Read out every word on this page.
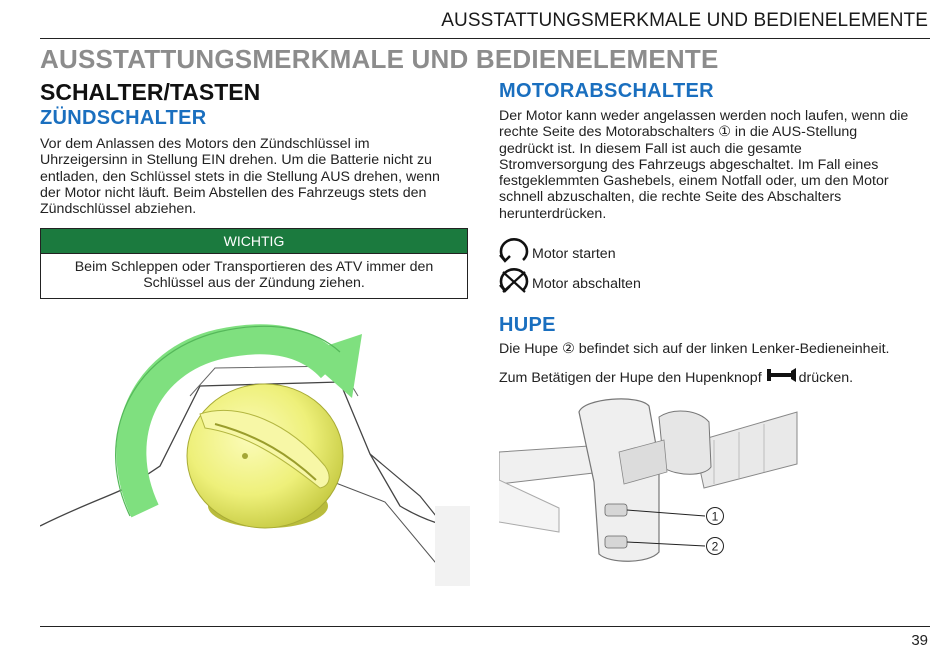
AUSSTATTUNGSMERKMALE UND BEDIENELEMENTE
AUSSTATTUNGSMERKMALE UND BEDIENELEMENTE
SCHALTER/TASTEN
ZÜNDSCHALTER
Vor dem Anlassen des Motors den Zündschlüssel im
Uhrzeigersinn in Stellung EIN drehen. Um die Batterie nicht zu
entladen, den Schlüssel stets in die Stellung AUS drehen, wenn
der Motor nicht läuft. Beim Abstellen des Fahrzeugs stets den
Zündschlüssel abziehen.
WICHTIG
Beim Schleppen oder Transportieren des ATV immer den
Schlüssel aus der Zündung ziehen.
MOTORABSCHALTER
Der Motor kann weder angelassen werden noch laufen, wenn die
rechte Seite des Motorabschalters ① in die AUS-Stellung
gedrückt ist. In diesem Fall ist auch die gesamte
Stromversorgung des Fahrzeugs abgeschaltet. Im Fall eines
festgeklemmten Gashebels, einem Notfall oder, um den Motor
schnell abzuschalten, die rechte Seite des Abschalters
herunterdrücken.
Motor starten
Motor abschalten
HUPE
Die Hupe ② befindet sich auf der linken Lenker-Bedieneinheit.
Zum Betätigen der Hupe den Hupenknopf	drücken.
1
2
39
